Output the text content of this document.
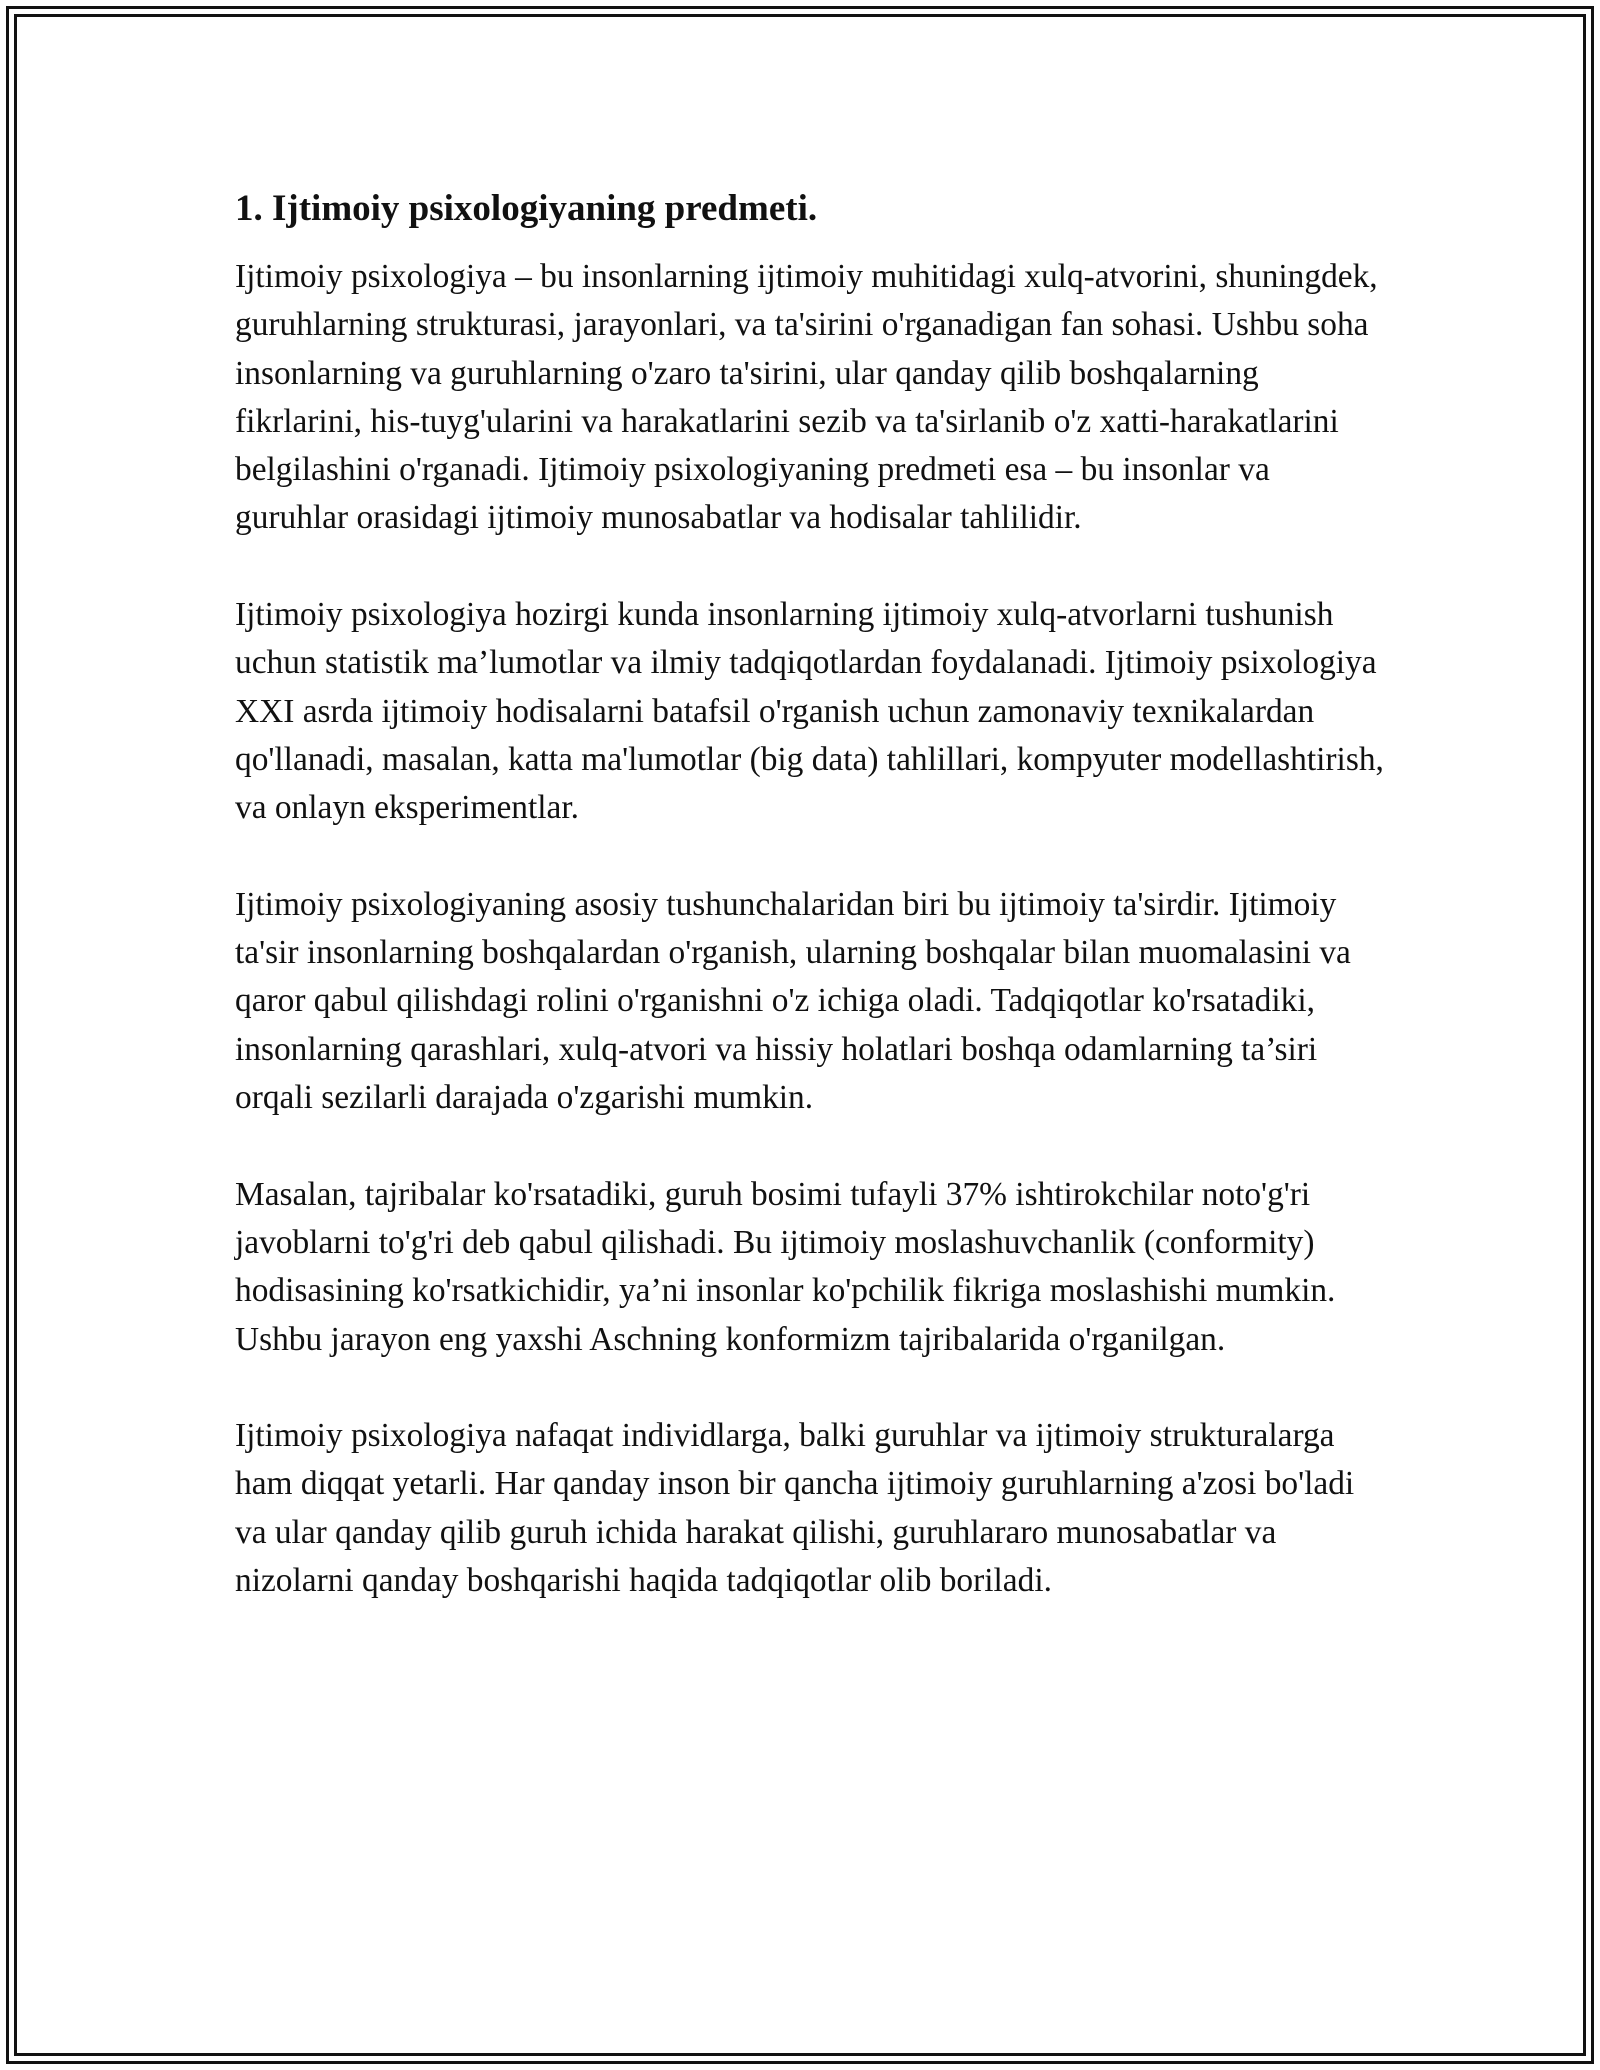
1. Ijtimoiy psixologiyaning predmeti.

Ijtimoiy psixologiya – bu insonlarning ijtimoiy muhitidagi xulq-atvorini, shuningdek, guruhlarning strukturasi, jarayonlari, va ta'sirini o'rganadigan fan sohasi. Ushbu soha insonlarning va guruhlarning o'zaro ta'sirini, ular qanday qilib boshqalarning fikrlarini, his-tuyg'ularini va harakatlarini sezib va ta'sirlanib o'z xatti-harakatlarini belgilashini o'rganadi. Ijtimoiy psixologiyaning predmeti esa – bu insonlar va guruhlar orasidagi ijtimoiy munosabatlar va hodisalar tahlilidir.

Ijtimoiy psixologiya hozirgi kunda insonlarning ijtimoiy xulq-atvorlarni tushunish uchun statistik ma’lumotlar va ilmiy tadqiqotlardan foydalanadi. Ijtimoiy psixologiya XXI asrda ijtimoiy hodisalarni batafsil o'rganish uchun zamonaviy texnikalardan qo'llanadi, masalan, katta ma'lumotlar (big data) tahlillari, kompyuter modellashtirish, va onlayn eksperimentlar.

Ijtimoiy psixologiyaning asosiy tushunchalaridan biri bu ijtimoiy ta'sirdir. Ijtimoiy ta'sir insonlarning boshqalardan o'rganish, ularning boshqalar bilan muomalasini va qaror qabul qilishdagi rolini o'rganishni o'z ichiga oladi. Tadqiqotlar ko'rsatadiki, insonlarning qarashlari, xulq-atvori va hissiy holatlari boshqa odamlarning ta’siri orqali sezilarli darajada o'zgarishi mumkin.

Masalan, tajribalar ko'rsatadiki, guruh bosimi tufayli 37% ishtirokchilar noto'g'ri javoblarni to'g'ri deb qabul qilishadi. Bu ijtimoiy moslashuvchanlik (conformity) hodisasining ko'rsatkichidir, ya’ni insonlar ko'pchilik fikriga moslashishi mumkin. Ushbu jarayon eng yaxshi Aschning konformizm tajribalarida o'rganilgan.

Ijtimoiy psixologiya nafaqat individlarga, balki guruhlar va ijtimoiy strukturalarga ham diqqat yetarli. Har qanday inson bir qancha ijtimoiy guruhlarning a'zosi bo'ladi va ular qanday qilib guruh ichida harakat qilishi, guruhlararo munosabatlar va nizolarni qanday boshqarishi haqida tadqiqotlar olib boriladi.
